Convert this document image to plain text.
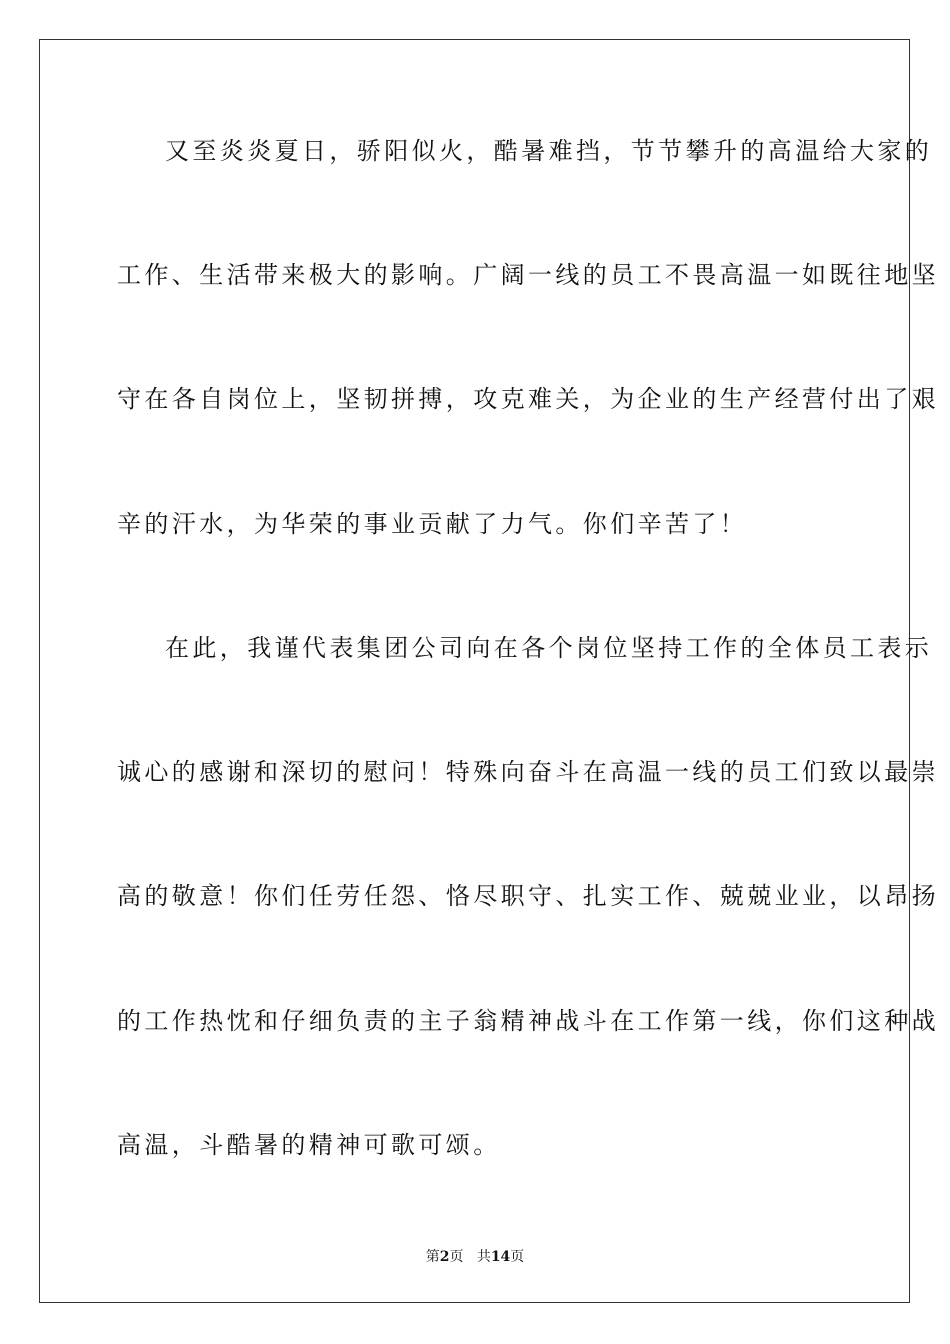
又至炎炎夏日，骄阳似火，酷暑难挡，节节攀升的高温给大家的
工作、生活带来极大的影响。广阔一线的员工不畏高温一如既往地坚
守在各自岗位上，坚韧拼搏，攻克难关，为企业的生产经营付出了艰
辛的汗水，为华荣的事业贡献了力气。你们辛苦了！
在此，我谨代表集团公司向在各个岗位坚持工作的全体员工表示
诚心的感谢和深切的慰问！特殊向奋斗在高温一线的员工们致以最崇
高的敬意！你们任劳任怨、恪尽职守、扎实工作、兢兢业业，以昂扬
的工作热忱和仔细负责的主子翁精神战斗在工作第一线，你们这种战
高温，斗酷暑的精神可歌可颂。
第2页 共14页
